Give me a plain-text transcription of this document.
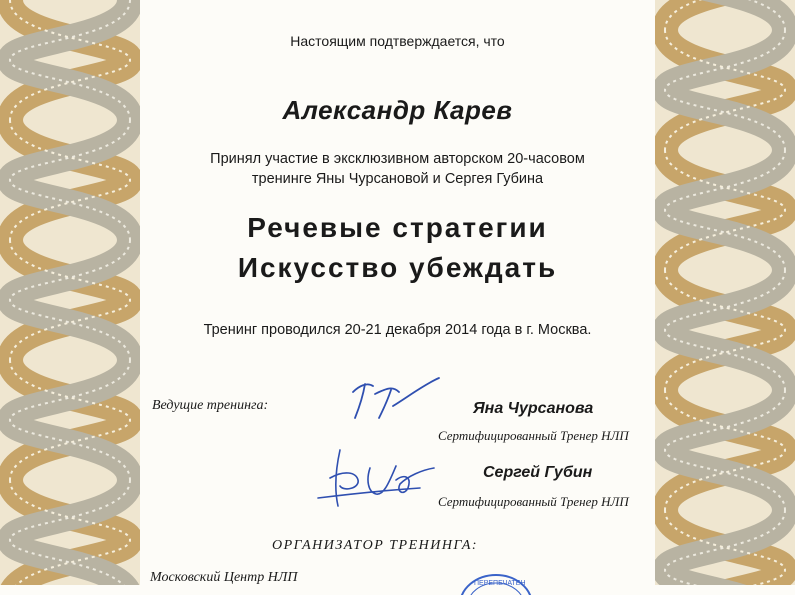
Настоящим подтверждается, что
Александр Карев
Принял участие в эксклюзивном авторском 20-часовом
тренинге Яны Чурсановой и Сергея Губина
Речевые стратегии
Искусство убеждать
Тренинг проводился 20-21 декабря 2014 года в г. Москва.
Ведущие тренинга:	Яна Чурсанова
Сертифицированный Тренер НЛП
Сергей Губин
Сертифицированный Тренер НЛП
ОРГАНИЗАТОР ТРЕНИНГА:
Московский Центр НЛП	ПЕРЕПЕЧАТЕН
